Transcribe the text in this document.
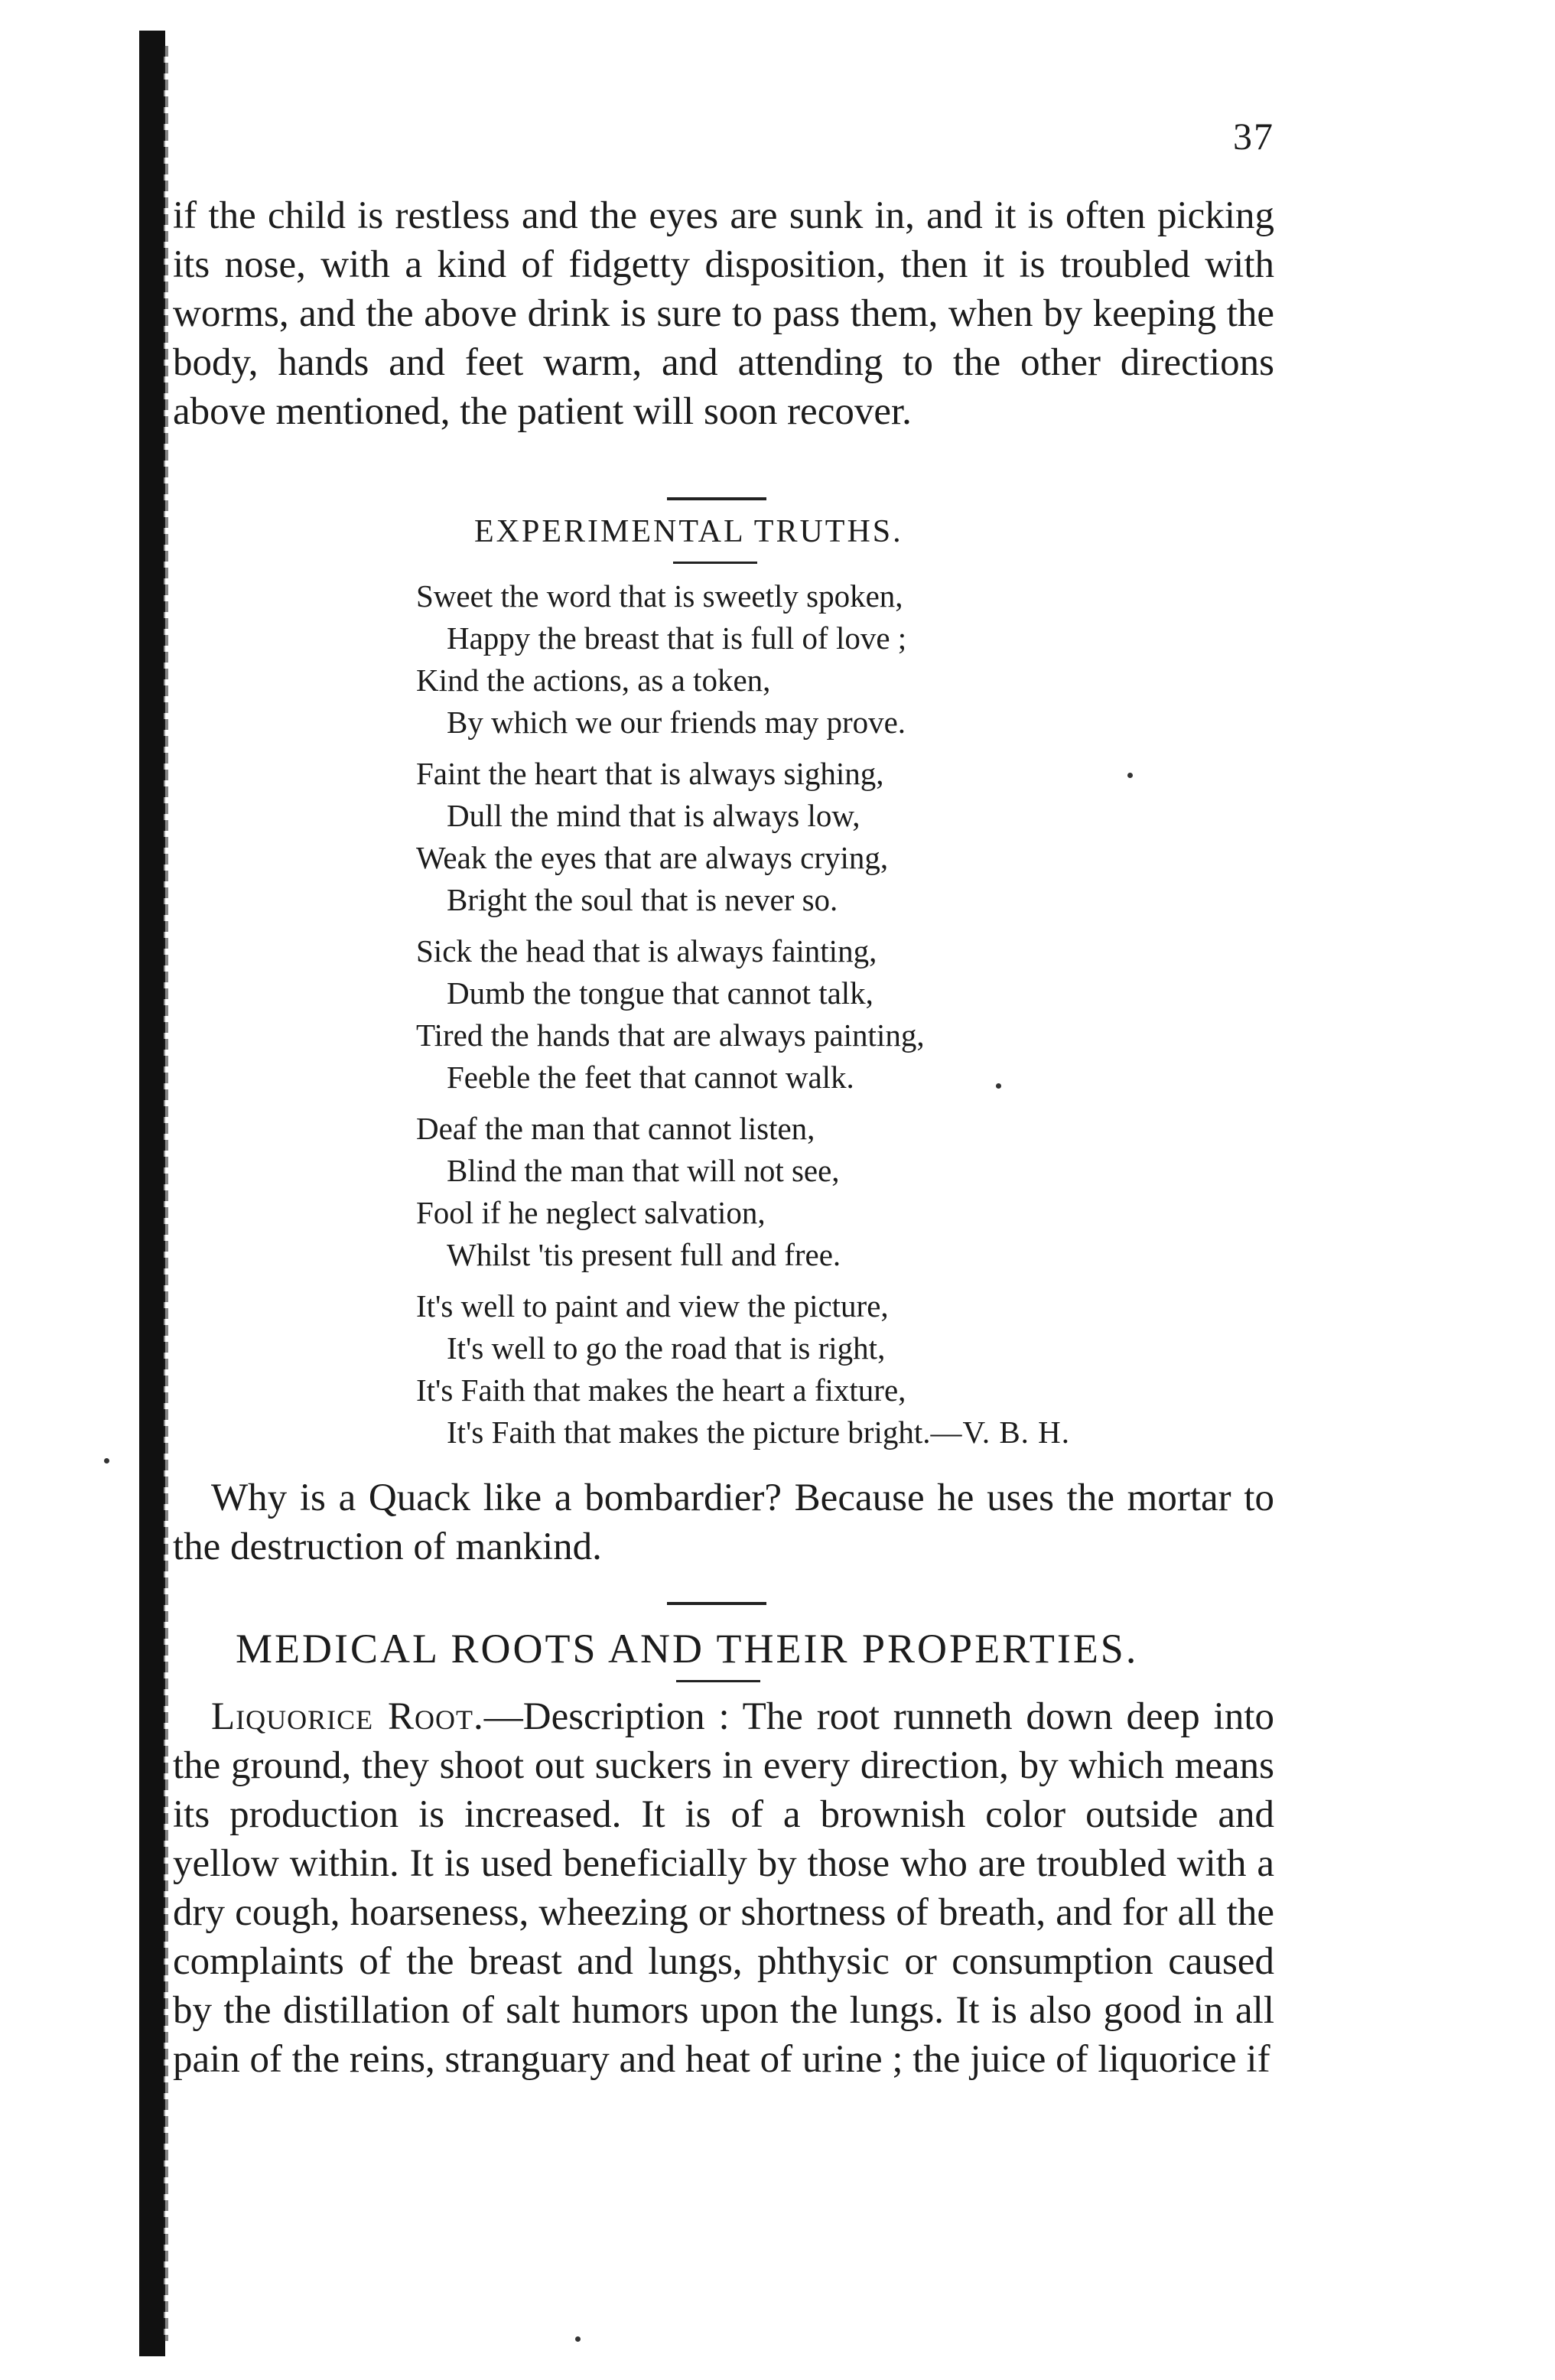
37

if the child is restless and the eyes are sunk in, and it is often picking its nose, with a kind of fidgetty disposition, then it is troubled with worms, and the above drink is sure to pass them, when by keeping the body, hands and feet warm, and attending to the other directions above mentioned, the patient will soon recover.

EXPERIMENTAL TRUTHS.
Sweet the word that is sweetly spoken,
Happy the breast that is full of love ;
Kind the actions, as a token,
By which we our friends may prove.
Faint the heart that is always sighing,
Dull the mind that is always low,
Weak the eyes that are always crying,
Bright the soul that is never so.
Sick the head that is always fainting,
Dumb the tongue that cannot talk,
Tired the hands that are always painting,
Feeble the feet that cannot walk.
Deaf the man that cannot listen,
Blind the man that will not see,
Fool if he neglect salvation,
Whilst 'tis present full and free.
It's well to paint and view the picture,
It's well to go the road that is right,
It's Faith that makes the heart a fixture,
It's Faith that makes the picture bright.—V. B. H.

Why is a Quack like a bombardier? Because he uses the mortar to the destruction of mankind.

MEDICAL ROOTS AND THEIR PROPERTIES.

Liquorice Root.—Description : The root runneth down deep into the ground, they shoot out suckers in every direction, by which means its production is increased. It is of a brownish color outside and yellow within. It is used beneficially by those who are troubled with a dry cough, hoarseness, wheezing or shortness of breath, and for all the complaints of the breast and lungs, phthysic or consumption caused by the distillation of salt humors upon the lungs. It is also good in all pain of the reins, stranguary and heat of urine ; the juice of liquorice if
